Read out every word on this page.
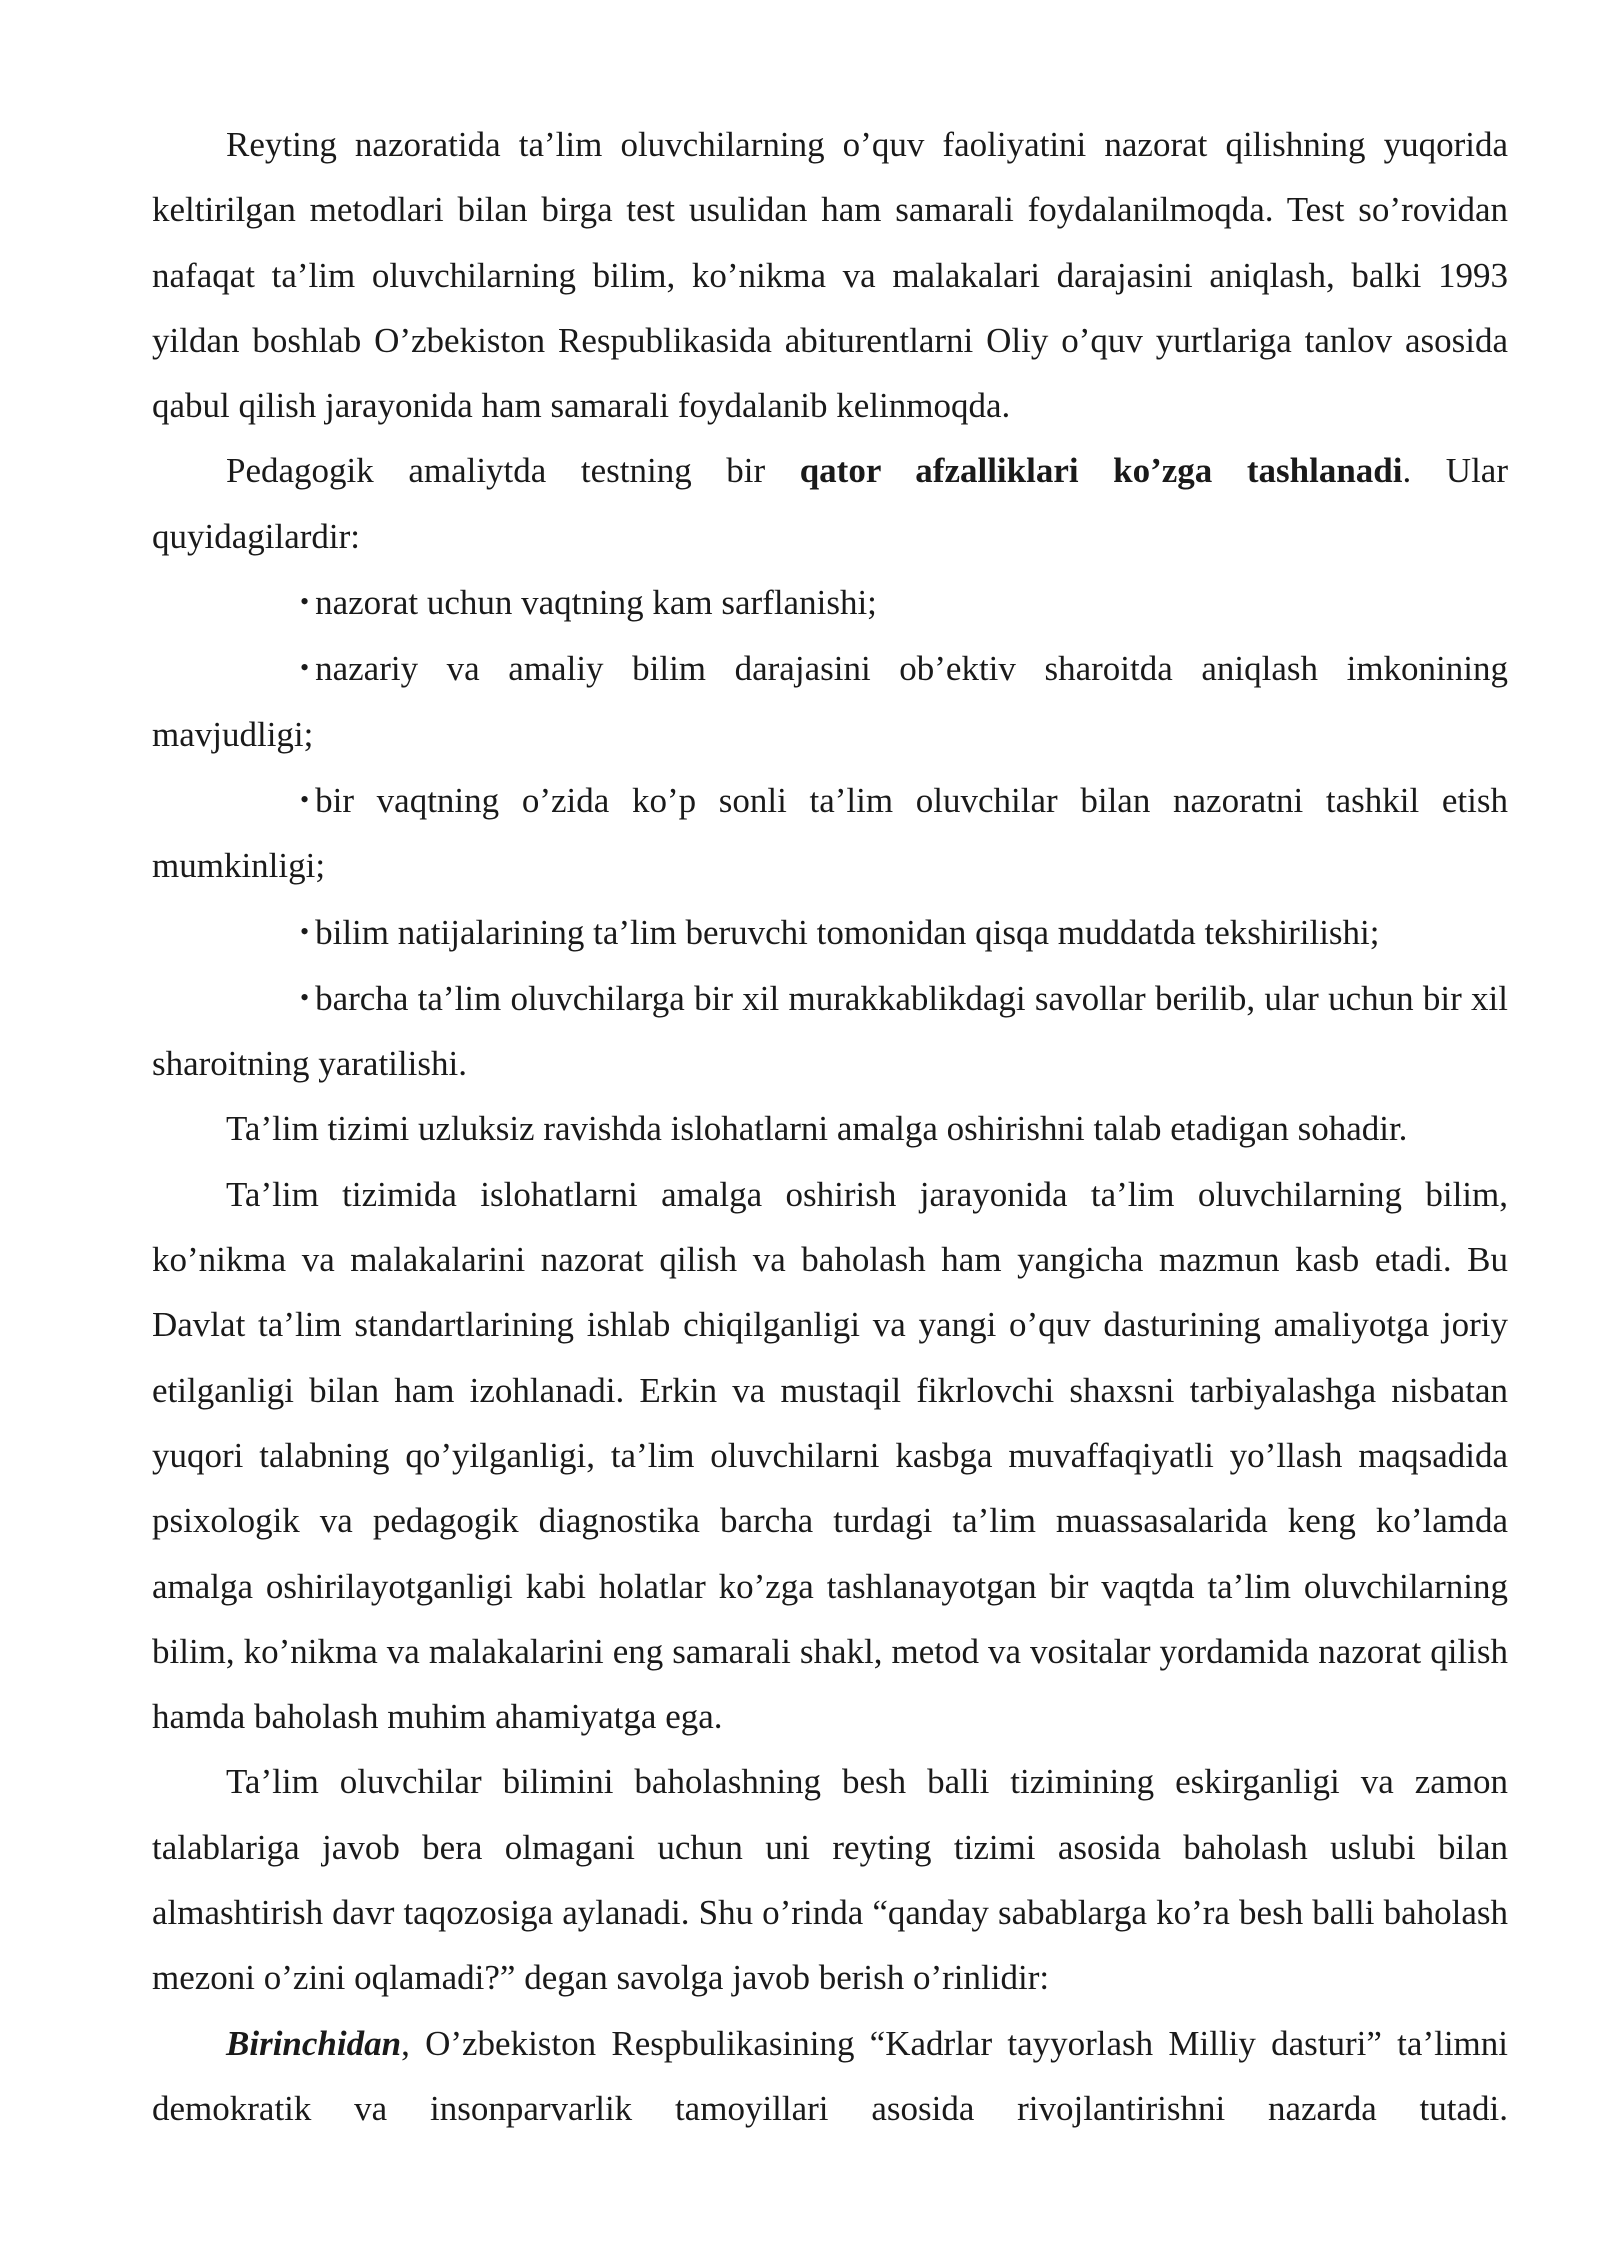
Reyting nazoratida ta’lim oluvchilarning o’quv faoliyatini nazorat qilishning yuqorida keltirilgan metodlari bilan birga test usulidan ham samarali foydalanilmoqda. Test so’rovidan nafaqat ta’lim oluvchilarning bilim, ko’nikma va malakalari darajasini aniqlash, balki 1993 yildan boshlab O’zbekiston Respublikasida abiturentlarni Oliy o’quv yurtlariga tanlov asosida qabul qilish jarayonida ham samarali foydalanib kelinmoqda.

Pedagogik amaliytda testning bir qator afzalliklari ko’zga tashlanadi. Ular quyidagilardir:

• nazorat uchun vaqtning kam sarflanishi;

• nazariy va amaliy bilim darajasini ob’ektiv sharoitda aniqlash imkonining mavjudligi;

• bir vaqtning o’zida ko’p sonli ta’lim oluvchilar bilan nazoratni tashkil etish mumkinligi;

• bilim natijalarining ta’lim beruvchi tomonidan qisqa muddatda tekshirilishi;

• barcha ta’lim oluvchilarga bir xil murakkablikdagi savollar berilib, ular uchun bir xil sharoitning yaratilishi.

Ta’lim tizimi uzluksiz ravishda islohatlarni amalga oshirishni talab etadigan sohadir.

Ta’lim tizimida islohatlarni amalga oshirish jarayonida ta’lim oluvchilarning bilim, ko’nikma va malakalarini nazorat qilish va baholash ham yangicha mazmun kasb etadi. Bu Davlat ta’lim standartlarining ishlab chiqilganligi va yangi o’quv dasturining amaliyotga joriy etilganligi bilan ham izohlanadi. Erkin va mustaqil fikrlovchi shaxsni tarbiyalashga nisbatan yuqori talabning qo’yilganligi, ta’lim oluvchilarni kasbga muvaffaqiyatli yo’llash maqsadida psixologik va pedagogik diagnostika barcha turdagi ta’lim muassasalarida keng ko’lamda amalga oshirilayotganligi kabi holatlar ko’zga tashlanayotgan bir vaqtda ta’lim oluvchilarning bilim, ko’nikma va malakalarini eng samarali shakl, metod va vositalar yordamida nazorat qilish hamda baholash muhim ahamiyatga ega.

Ta’lim oluvchilar bilimini baholashning besh balli tizimining eskirganligi va zamon talablariga javob bera olmagani uchun uni reyting tizimi asosida baholash uslubi bilan almashtirish davr taqozosiga aylanadi. Shu o’rinda “qanday sabablarga ko’ra besh balli baholash mezoni o’zini oqlamadi?” degan savolga javob berish o’rinlidir:

Birinchidan, O’zbekiston Respbulikasining “Kadrlar tayyorlash Milliy dasturi” ta’limni demokratik va insonparvarlik tamoyillari asosida rivojlantirishni nazarda tutadi.
